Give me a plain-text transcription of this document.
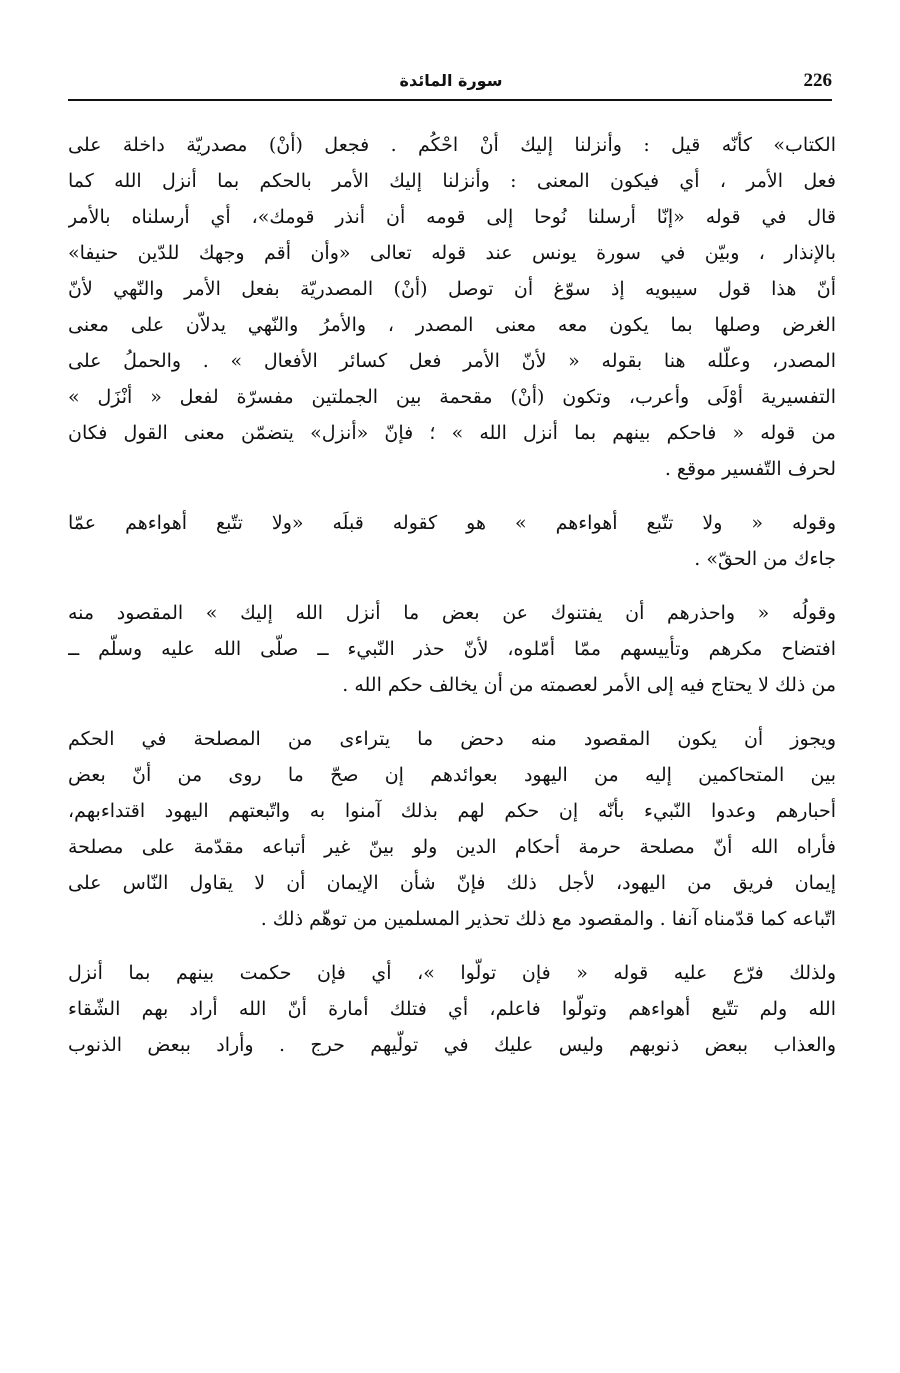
226
سورة المائدة
الكتاب» كأنّه قيل : وأنزلنا إليك أنْ احْكُم . فجعل (أنْ) مصدريّة داخلة على
فعل الأمر ، أي فيكون المعنى : وأنزلنا إليك الأمر بالحكم بما أنزل الله كما
قال في قوله «إنّا أرسلنا نُوحا إلى قومه أن أنذر قومك»، أي أرسلناه بالأمر
بالإنذار ، وبيّن في سورة يونس عند قوله تعالى «وأن أقم وجهك للدّين حنيفا»
أنّ هذا قول سيبويه إذ سوّغ أن توصل (أنْ) المصدريّة بفعل الأمر والنّهي لأنّ
الغرض وصلها بما يكون معه معنى المصدر ، والأمرُ والنّهي يدلاّن على معنى
المصدر، وعلّله هنا بقوله « لأنّ الأمر فعل كسائر الأفعال » . والحملُ على
التفسيرية أوْلَى وأعرب، وتكون (أنْ) مقحمة بين الجملتين مفسرّة لفعل « أنْزَل »
من قوله « فاحكم بينهم بما أنزل الله » ؛ فإنّ «أنزل» يتضمّن معنى القول فكان
لحرف التّفسير موقع .
وقوله « ولا تتّبع أهواءهم » هو كقوله قبلَه «ولا تتّبع أهواءهم عمّا
جاءك من الحقّ» .
وقولُه « واحذرهم أن يفتنوك عن بعض ما أنزل الله إليك » المقصود منه
افتضاح مكرهم وتأييسهم ممّا أمّلوه، لأنّ حذر النّبيء ــ صلّى الله عليه وسلّم ــ
من ذلك لا يحتاج فيه إلى الأمر لعصمته من أن يخالف حكم الله .
ويجوز أن يكون المقصود منه دحض ما يتراءى من المصلحة في الحكم
بين المتحاكمين إليه من اليهود بعوائدهم إن صحّ ما روى من أنّ بعض
أحبارهم وعدوا النّبيء بأنّه إن حكم لهم بذلك آمنوا به واتّبعتهم اليهود اقتداءبهم،
فأراه الله أنّ مصلحة حرمة أحكام الدين ولو بينّ غير أتباعه مقدّمة على مصلحة
إيمان فريق من اليهود، لأجل ذلك فإنّ شأن الإيمان أن لا يقاول النّاس على
اتّباعه كما قدّمناه آنفا . والمقصود مع ذلك تحذير المسلمين من توهّم ذلك .
ولذلك فرّع عليه قوله « فإن تولّوا »، أي فإن حكمت بينهم بما أنزل
الله ولم تتّبع أهواءهم وتولّوا فاعلم، أي فتلك أمارة أنّ الله أراد بهم الشّقاء
والعذاب ببعض ذنوبهم وليس عليك في تولّيهم حرج . وأراد ببعض الذنوب
